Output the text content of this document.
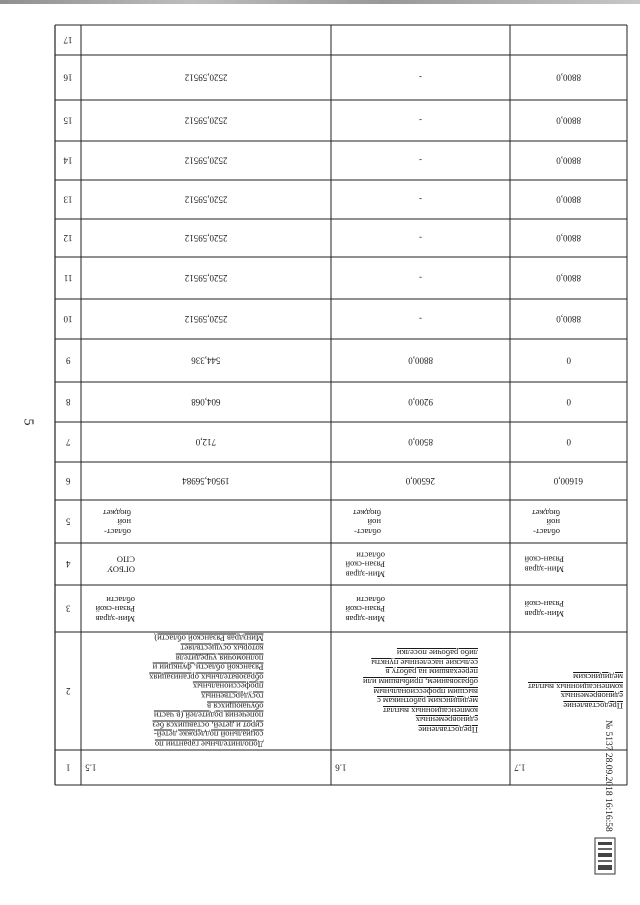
5
1
2
3
4
5
6
7
8
9
10
11
12
13
14
15
16
17
1.5
Дополнительные гарантии по социальной поддержке детей-сирот и детей, оставшихся без попечения родителей (в части обучающихся в государственных профессиональных образовательных организациях Рязанской области, функции и полномочия учредителя которых осуществляет Минздрав Рязанской области)
Мин-здрав Рязан-ской области
ОГБОУ СПО
област-ной бюджет
19504,56984
712,0
604,068
544,336
2520,59512
2520,59512
2520,59512
2520,59512
2520,59512
2520,59512
2520,59512
1.6
Предоставление единовременных компенсационных выплат медицинским работникам с высшим профессиональным образованием, прибывшим или переехавшим на работу в сельские населенные пункты либо рабочие поселки
Мин-здрав Рязан-ской области
Мин-здрав Рязан-ской области
област-ной бюджет
26500,0
8500,0
9200,0
8800,0
-
-
-
-
-
-
-
1.7
Предоставление единовременных компенсационных выплат медицинским
Мин-здрав Рязан-ской
Мин-здрав Рязан-ской
област-ной бюджет
61600,0
0
0
0
8800,0
8800,0
8800,0
8800,0
8800,0
8800,0
8800,0
№ 5137 28.09.2018 16:16:58
